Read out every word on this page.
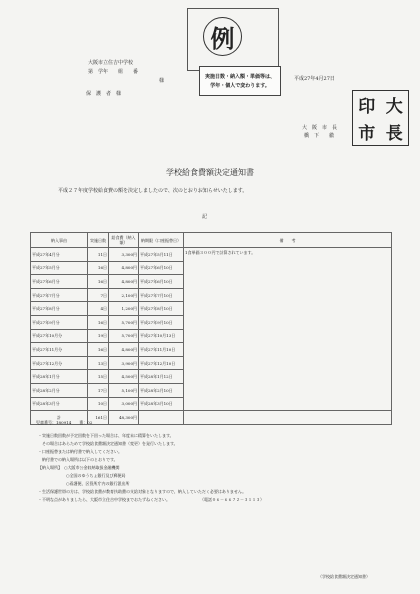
例
大阪市立住吉中学校
第　学年　　組　　番
様
保　護　者　様
平成27年4月27日
実施日数・納入額・単価等は、
学年・個人で変わります。
大　阪　市　長
橋　下　　徹
印 大
市 長
学校給食費額決定通知書
平成２７年度学校給食費の額を決定しましたので、次のとおりお知らせいたします。
記
納入事由	実施日数	給食費（納入額）	納期限（口座振替日）	備　　考
平成27年4月分	11日	3,300円	平成27年5月11日	1食単価３００円で計算されています。
平成27年5月分	16日	4,800円	平成27年6月10日	
平成27年6月分	16日	4,800円	平成27年6月10日	
平成27年7月分	7日	2,100円	平成27年7月10日	
平成27年8月分	4日	1,200円	平成27年8月10日	
平成27年9月分	16日	5,700円	平成27年9月10日	
平成27年10月分	19日	5,700円	平成27年10月13日	
平成27年11月分	16日	4,800円	平成27年11月10日	
平成27年12月分	13日	3,900円	平成27年12月10日	
平成28年1月分	15日	4,500円	平成28年1月12日	
平成28年2月分	17日	5,100円	平成28年2月10日	
平成28年3月分	10日	3,000円	平成28年3月10日	
計	161日	48,300円		
児童番号：180914　　番：02
・実施日数回数が予定回数を下回った場合は、年度末に精算をいたします。
　その場合はあらためて学校給食費額決定通知書（変更）を発行いたします。
・口座振替または納付書で納入してください。
　納付書での納入場所は以下のとおりです。
【納入場所】　○大阪市公金収納取扱金融機関
　　　　　　　○全国のゆうちょ銀行及び郵便局
　　　　　　　○看護便、区役所庁内の銀行派出所
・生活保護世帯の方は、学校給食費が教育扶助費の支給対象となりますので、納入していただく必要はありません。
・不明な点がありましたら、大阪市立住吉中学校までおたずねください。　　　　　　　　（電話０６－６６７２－３１１３）
（学校給食費額決定通知書）
